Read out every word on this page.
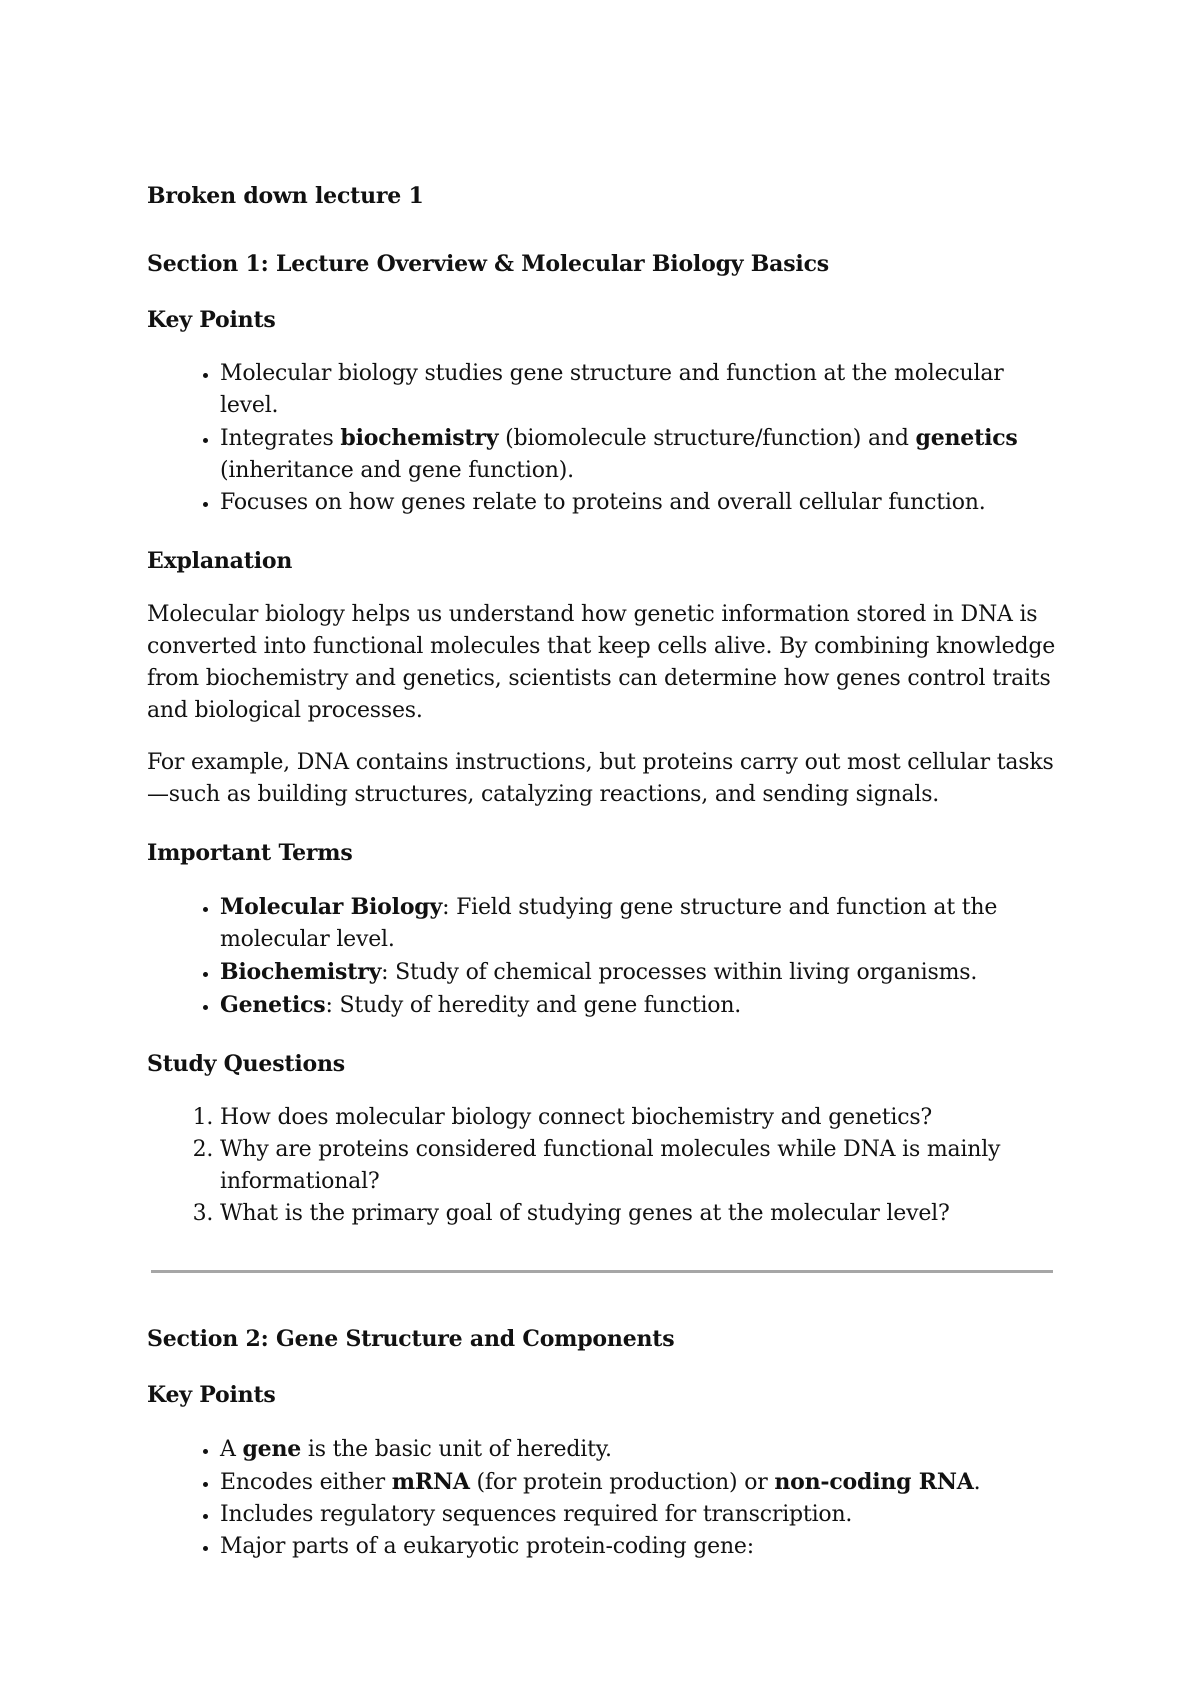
Broken down lecture 1
Section 1: Lecture Overview & Molecular Biology Basics
Key Points
• Molecular biology studies gene structure and function at the molecular level.
• Integrates biochemistry (biomolecule structure/function) and genetics (inheritance and gene function).
• Focuses on how genes relate to proteins and overall cellular function.
Explanation

Molecular biology helps us understand how genetic information stored in DNA is converted into functional molecules that keep cells alive. By combining knowledge from biochemistry and genetics, scientists can determine how genes control traits and biological processes.

For example, DNA contains instructions, but proteins carry out most cellular tasks—such as building structures, catalyzing reactions, and sending signals.

Important Terms
• Molecular Biology: Field studying gene structure and function at the molecular level.
• Biochemistry: Study of chemical processes within living organisms.
• Genetics: Study of heredity and gene function.
Study Questions
1. How does molecular biology connect biochemistry and genetics?
2. Why are proteins considered functional molecules while DNA is mainly informational?
3. What is the primary goal of studying genes at the molecular level?
Section 2: Gene Structure and Components
Key Points
• A gene is the basic unit of heredity.
• Encodes either mRNA (for protein production) or non-coding RNA.
• Includes regulatory sequences required for transcription.
• Major parts of a eukaryotic protein-coding gene:
